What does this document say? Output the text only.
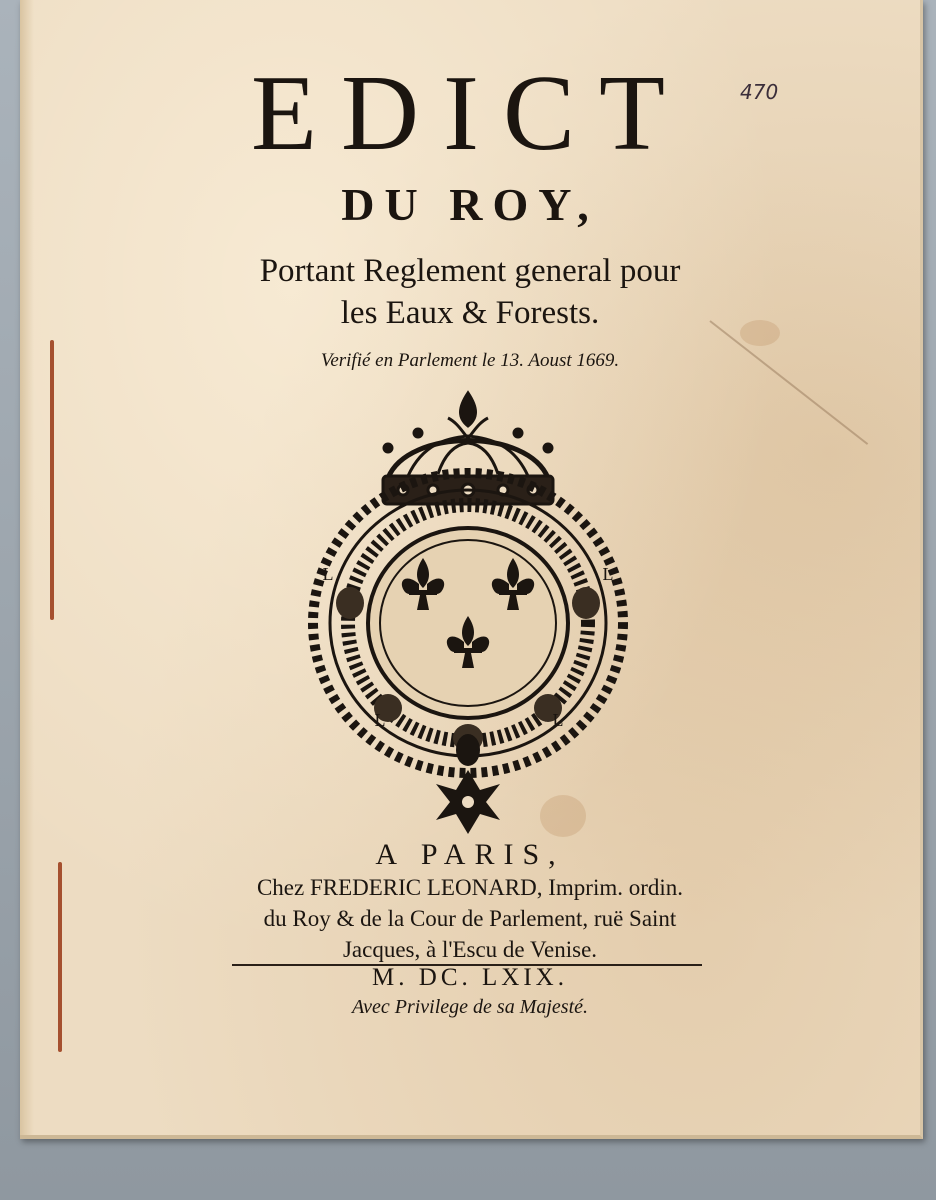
EDICT	470

DU ROY,
Portant Reglement general pour
les Eaux & Forests.

Verifié en Parlement le 13. Aoust 1669.

L	L
L	L

A PARIS,

Chez FREDERIC LEONARD, Imprim. ordin.

du Roy & de la Cour de Parlement, ruë Saint

Jacques, à l'Escu de Venise.

M. DC. LXIX.

Avec Privilege de sa Majesté.
